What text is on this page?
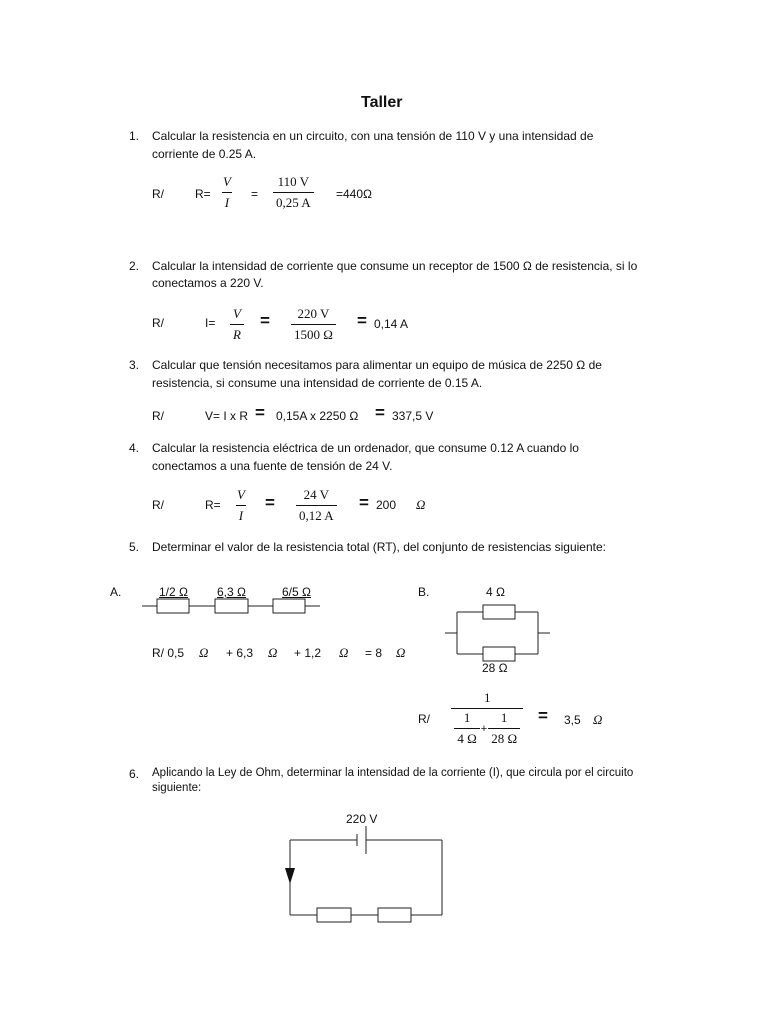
Taller
1. Calcular la resistencia en un circuito, con una tensión de 110 V y una intensidad de
corriente de 0.25 A.
R/	$R= \frac{V}{I} = \frac{110 V}{0,25 A} =440\Omega$
2. Calcular la intensidad de corriente que consume un receptor de 1500 Ω de resistencia, si lo
conectamos a 220 V.
R/	$I= \frac{V}{R} = \frac{220 V}{1500 \Omega} = 0,14$ A
3. Calcular que tensión necesitamos para alimentar un equipo de música de 2250 Ω de
resistencia, si consume una intensidad de corriente de 0.15 A.
R/	V= I x R = 0,15A x 2250 Ω = 337,5 V
4. Calcular la resistencia eléctrica de un ordenador, que consume 0.12 A cuando lo
conectamos a una fuente de tensión de 24 V.
R/	$R= \frac{V}{I} = \frac{24 V}{0,12 A} = 200$ Ω
5. Determinar el valor de la resistencia total (RT), del conjunto de resistencias siguiente:
A.	1/2 Ω 6,3 Ω	6/5 Ω
R/ 0,5 Ω + 6,3 Ω + 1,2 Ω = 8 Ω
B.	4 Ω
28 Ω
$R/ \frac{1}{\frac{1}{4 \Omega} + \frac{1}{28 \Omega}} = 3,5$ Ω
6. Aplicando la Ley de Ohm, determinar la intensidad de la corriente (I), que circula por el circuito
siguiente:
220 V
